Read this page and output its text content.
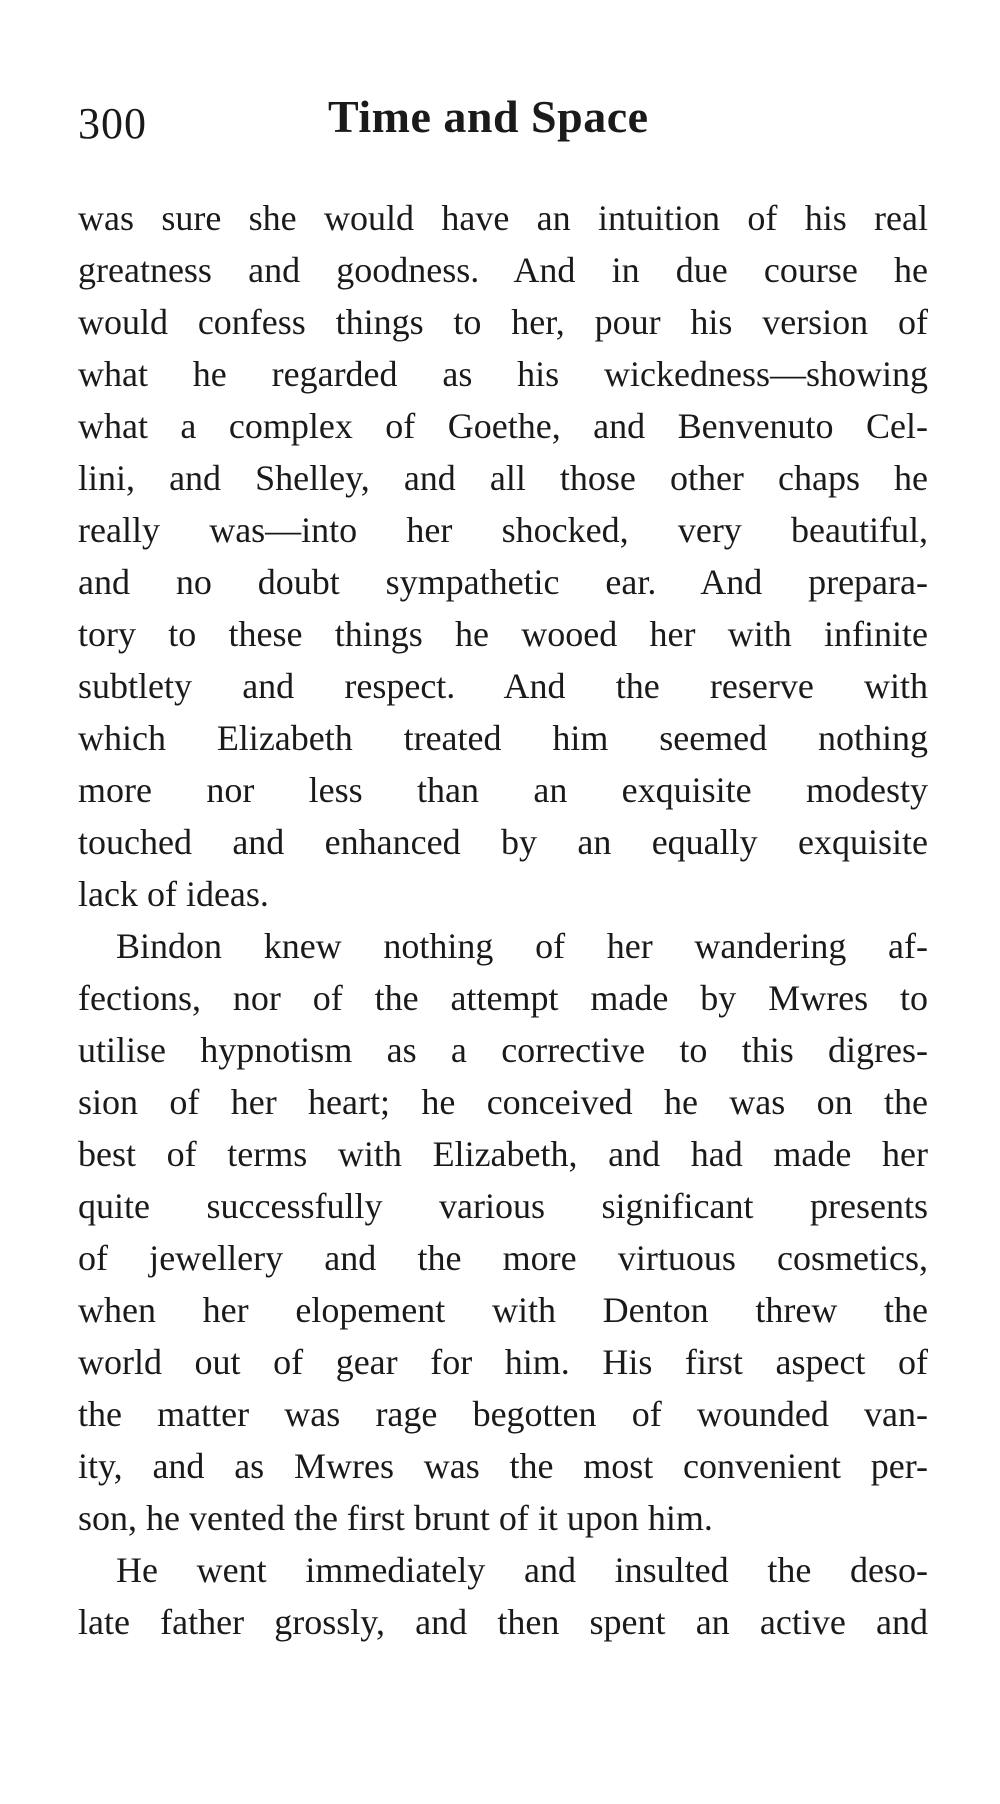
300	Time and Space
was sure she would have an intuition of his real
greatness and goodness. And in due course he
would confess things to her, pour his version of
what he regarded as his wickedness—showing
what a complex of Goethe, and Benvenuto Cel-
lini, and Shelley, and all those other chaps he
really was—into her shocked, very beautiful,
and no doubt sympathetic ear. And prepara-
tory to these things he wooed her with infinite
subtlety and respect. And the reserve with
which Elizabeth treated him seemed nothing
more nor less than an exquisite modesty
touched and enhanced by an equally exquisite
lack of ideas.
Bindon knew nothing of her wandering af-
fections, nor of the attempt made by Mwres to
utilise hypnotism as a corrective to this digres-
sion of her heart; he conceived he was on the
best of terms with Elizabeth, and had made her
quite successfully various significant presents
of jewellery and the more virtuous cosmetics,
when her elopement with Denton threw the
world out of gear for him. His first aspect of
the matter was rage begotten of wounded van-
ity, and as Mwres was the most convenient per-
son, he vented the first brunt of it upon him.
He went immediately and insulted the deso-
late father grossly, and then spent an active and
